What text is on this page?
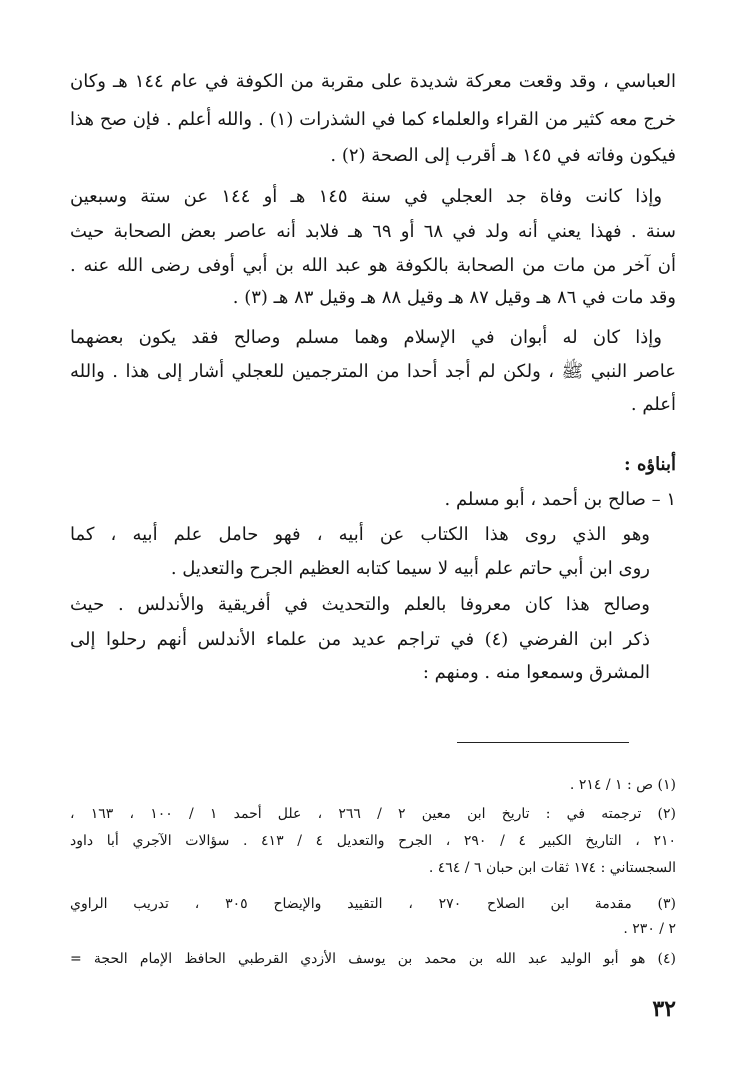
العباسي ، وقد وقعت معركة شديدة على مقربة من الكوفة في عام ١٤٤ هـ وكان
خرج معه كثير من القراء والعلماء كما في الشذرات (١) . والله أعلم . فإن صح هذا
فيكون وفاته في ١٤٥ هـ أقرب إلى الصحة (٢) .
وإذا كانت وفاة جد العجلي في سنة ١٤٥ هـ أو ١٤٤ عن ستة وسبعين
سنة . فهذا يعني أنه ولد في ٦٨ أو ٦٩ هـ فلابد أنه عاصر بعض الصحابة حيث
أن آخر من مات من الصحابة بالكوفة هو عبد الله بن أبي أوفى رضى الله عنه .
وقد مات في ٨٦ هـ وقيل ٨٧ هـ وقيل ٨٨ هـ وقيل ٨٣ هـ (٣) .
وإذا كان له أبوان في الإسلام وهما مسلم وصالح فقد يكون بعضهما
عاصر النبي ﷺ ، ولكن لم أجد أحدا من المترجمين للعجلي أشار إلى هذا . والله
أعلم .
أبناؤه :
١ – صالح بن أحمد ، أبو مسلم .
وهو الذي روى هذا الكتاب عن أبيه ، فهو حامل علم أبيه ، كما
روى ابن أبي حاتم علم أبيه لا سيما كتابه العظيم الجرح والتعديل .
وصالح هذا كان معروفا بالعلم والتحديث في أفريقية والأندلس . حيث
ذكر ابن الفرضي (٤) في تراجم عديد من علماء الأندلس أنهم رحلوا إلى
المشرق وسمعوا منه . ومنهم :
(١) ص : ١ / ٢١٤ .
(٢) ترجمته في : تاريخ ابن معين ٢ / ٢٦٦ ، علل أحمد ١ / ١٠٠ ، ١٦٣ ،
٢١٠ ، التاريخ الكبير ٤ / ٢٩٠ ، الجرح والتعديل ٤ / ٤١٣ . سؤالات الآجري أبا داود
السجستاني : ١٧٤ ثقات ابن حبان ٦ / ٤٦٤ .
(٣) مقدمة ابن الصلاح ٢٧٠ ، التقييد والإيضاح ٣٠٥ ، تدريب الراوي
٢ / ٢٣٠ .
(٤) هو أبو الوليد عبد الله بن محمد بن يوسف الأزدي القرطبي الحافظ الإمام الحجة =
٣٢
